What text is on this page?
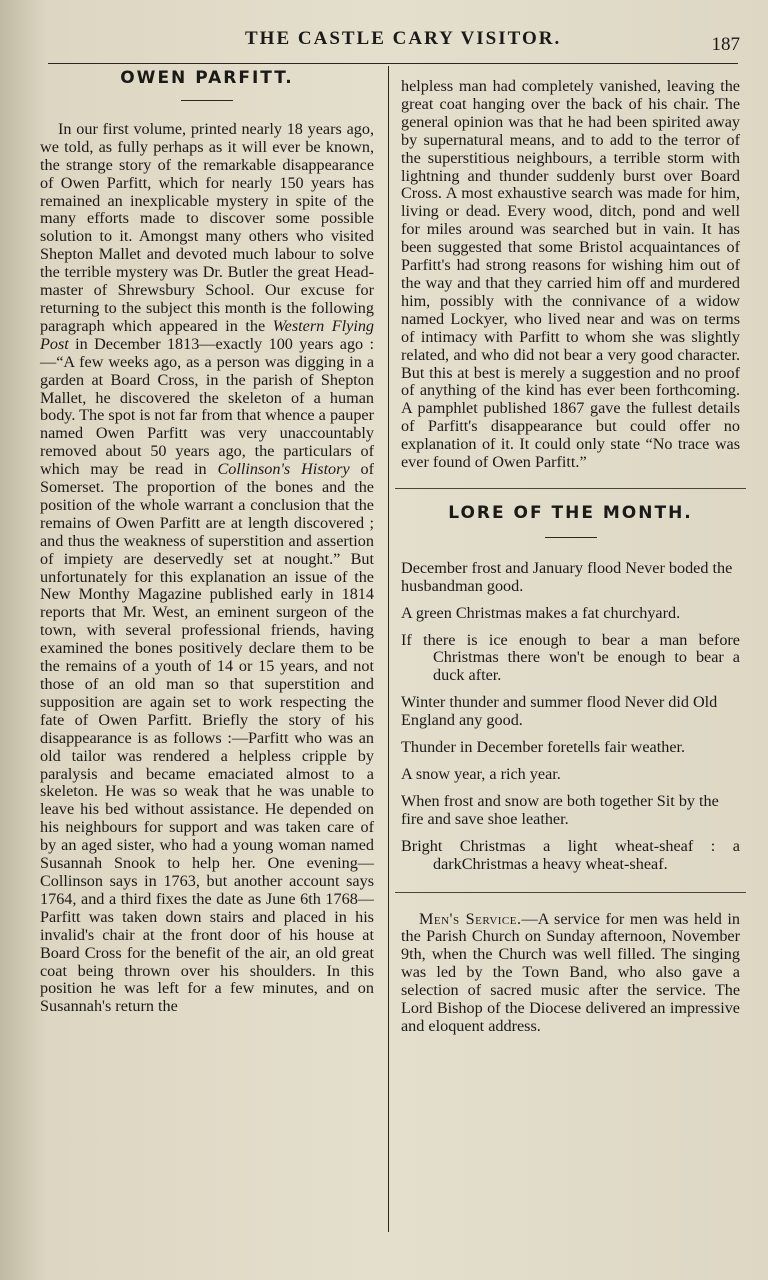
THE CASTLE CARY VISITOR.	187
OWEN PARFITT.

In our first volume, printed nearly 18 years ago, we told, as fully perhaps as it will ever be known, the strange story of the remarkable disappearance of Owen Parfitt, which for nearly 150 years has remained an inexplicable mystery in spite of the many efforts made to discover some possible solution to it. Amongst many others who visited Shepton Mallet and devoted much labour to solve the terrible mystery was Dr. Butler the great Head-master of Shrewsbury School. Our excuse for returning to the subject this month is the following paragraph which appeared in the Western Flying Post in December 1813—exactly 100 years ago :—“A few weeks ago, as a person was digging in a garden at Board Cross, in the parish of Shepton Mallet, he discovered the skeleton of a human body. The spot is not far from that whence a pauper named Owen Parfitt was very unaccountably removed about 50 years ago, the particulars of which may be read in Collinson's History of Somerset. The proportion of the bones and the position of the whole warrant a conclusion that the remains of Owen Parfitt are at length discovered ; and thus the weakness of superstition and assertion of impiety are deservedly set at nought.” But unfortunately for this explanation an issue of the New Monthy Magazine published early in 1814 reports that Mr. West, an eminent surgeon of the town, with several professional friends, having examined the bones positively declare them to be the remains of a youth of 14 or 15 years, and not those of an old man so that superstition and supposition are again set to work respecting the fate of Owen Parfitt. Briefly the story of his disappearance is as follows :—Parfitt who was an old tailor was rendered a helpless cripple by paralysis and became emaciated almost to a skeleton. He was so weak that he was unable to leave his bed without assistance. He depended on his neighbours for support and was taken care of by an aged sister, who had a young woman named Susannah Snook to help her. One evening—Collinson says in 1763, but another account says 1764, and a third fixes the date as June 6th 1768—Parfitt was taken down stairs and placed in his invalid's chair at the front door of his house at Board Cross for the benefit of the air, an old great coat being thrown over his shoulders. In this position he was left for a few minutes, and on Susannah's return the

helpless man had completely vanished, leaving the great coat hanging over the back of his chair. The general opinion was that he had been spirited away by supernatural means, and to add to the terror of the superstitious neighbours, a terrible storm with lightning and thunder suddenly burst over Board Cross. A most exhaustive search was made for him, living or dead. Every wood, ditch, pond and well for miles around was searched but in vain. It has been suggested that some Bristol acquaintances of Parfitt's had strong reasons for wishing him out of the way and that they carried him off and murdered him, possibly with the connivance of a widow named Lockyer, who lived near and was on terms of intimacy with Parfitt to whom she was slightly related, and who did not bear a very good character. But this at best is merely a suggestion and no proof of anything of the kind has ever been forthcoming. A pamphlet published 1867 gave the fullest details of Parfitt's disappearance but could offer no explanation of it. It could only state “No trace was ever found of Owen Parfitt.”

LORE OF THE MONTH.
December frost and January flood Never boded the husbandman good.
A green Christmas makes a fat churchyard.
If there is ice enough to bear a man before Christmas there won't be enough to bear a duck after.
Winter thunder and summer flood Never did Old England any good.
Thunder in December foretells fair weather.
A snow year, a rich year.
When frost and snow are both together Sit by the fire and save shoe leather.
Bright Christmas a light wheat-sheaf : a darkChristmas a heavy wheat-sheaf.

Men's Service.—A service for men was held in the Parish Church on Sunday afternoon, November 9th, when the Church was well filled. The singing was led by the Town Band, who also gave a selection of sacred music after the service. The Lord Bishop of the Diocese delivered an impressive and eloquent address.
